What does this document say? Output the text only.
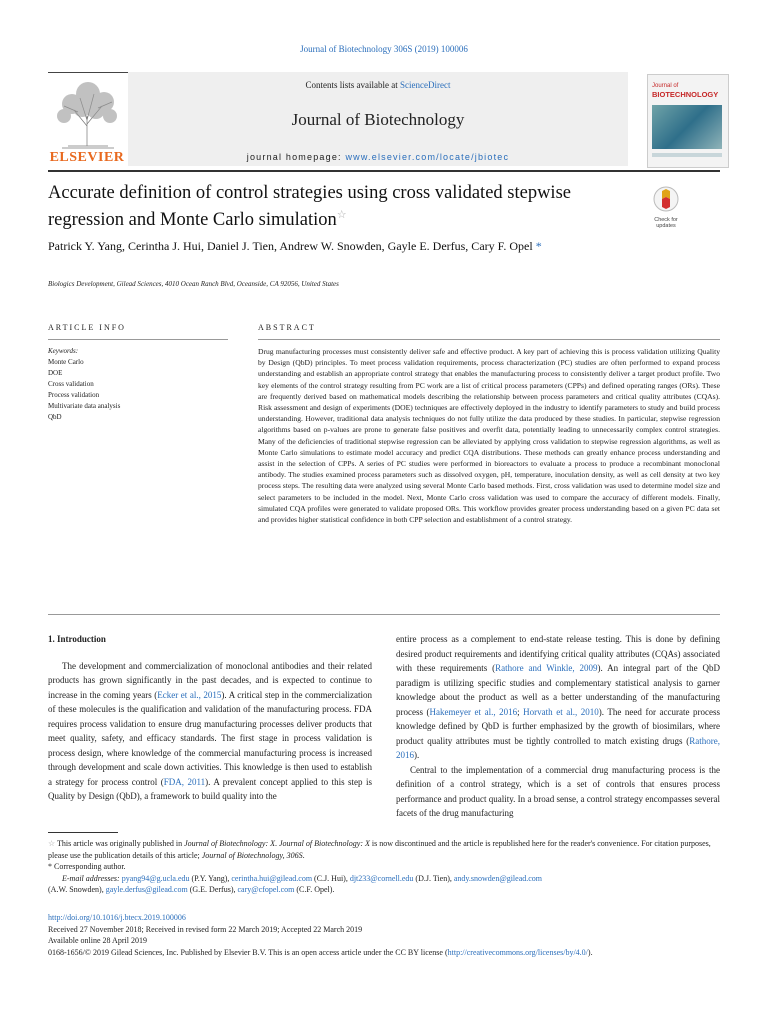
Journal of Biotechnology 306S (2019) 100006
ELSEVIER
Contents lists available at ScienceDirect
Journal of Biotechnology
journal homepage: www.elsevier.com/locate/jbiotec
Journal of
BIOTECHNOLOGY
Accurate definition of control strategies using cross validated stepwise regression and Monte Carlo simulation☆	Check for updates
Patrick Y. Yang, Cerintha J. Hui, Daniel J. Tien, Andrew W. Snowden, Gayle E. Derfus, Cary F. Opel *
Biologics Development, Gilead Sciences, 4010 Ocean Ranch Blvd, Oceanside, CA 92056, United States
ARTICLE INFO	ABSTRACT
Keywords:
Monte Carlo
DOE
Cross validation
Process validation
Multivariate data analysis
QbD
Drug manufacturing processes must consistently deliver safe and effective product. A key part of achieving this is process validation utilizing Quality by Design (QbD) principles. To meet process validation requirements, process characterization (PC) studies are often performed to expand process understanding and establish an appropriate control strategy that enables the manufacturing process to consistently deliver a target product profile. Two key elements of the control strategy resulting from PC work are a list of critical process parameters (CPPs) and defined operating ranges (ORs). These are frequently derived based on mathematical models describing the relationship between process parameters and critical quality attributes (CQAs). Risk assessment and design of experiments (DOE) techniques are effectively deployed in the industry to identify parameters to study and build process understanding. However, traditional data analysis techniques do not fully utilize the data produced by these studies. In particular, stepwise regression algorithms based on p-values are prone to generate false positives and overfit data, potentially leading to unnecessarily complex control strategies. Many of the deficiencies of traditional stepwise regression can be alleviated by applying cross validation to stepwise regression algorithms, as well as Monte Carlo simulations to estimate model accuracy and predict CQA distributions. These methods can greatly enhance process understanding and assist in the selection of CPPs. A series of PC studies were performed in bioreactors to evaluate a process to produce a recombinant monoclonal antibody. The studies examined process parameters such as dissolved oxygen, pH, temperature, inoculation density, as well as cell density at two key process steps. The resulting data were analyzed using several Monte Carlo based methods. First, cross validation was used to determine model size and select parameters to be included in the model. Next, Monte Carlo cross validation was used to compare the accuracy of different models. Finally, simulated CQA profiles were generated to validate proposed ORs. This workflow provides greater process understanding based on a given PC data set and provides higher statistical confidence in both CPP selection and establishment of a control strategy.

1. Introduction

The development and commercialization of monoclonal antibodies and their related products has grown significantly in the past decades, and is expected to continue to increase in the coming years (Ecker et al., 2015). A critical step in the commercialization of these molecules is the qualification and validation of the manufacturing process. FDA requires process validation to ensure drug manufacturing processes deliver products that meet quality, safety, and efficacy standards. The first stage in process validation is process design, where knowledge of the commercial manufacturing process is increased through development and scale down activities. This knowledge is then used to establish a strategy for process control (FDA, 2011). A prevalent concept applied to this step is Quality by Design (QbD), a framework to build quality into the

entire process as a complement to end-state release testing. This is done by defining desired product requirements and identifying critical quality attributes (CQAs) associated with these requirements (Rathore and Winkle, 2009). An integral part of the QbD paradigm is utilizing specific studies and complementary statistical analysis to garner knowledge about the product as well as a better understanding of the manufacturing process (Hakemeyer et al., 2016; Horvath et al., 2010). The need for accurate process knowledge defined by QbD is further emphasized by the growth of biosimilars, where product quality attributes must be tightly controlled to match existing drugs (Rathore, 2016).

Central to the implementation of a commercial drug manufacturing process is the definition of a control strategy, which is a set of controls that ensures process performance and product quality. In a broad sense, a control strategy encompasses several facets of the drug manufacturing

☆ This article was originally published in Journal of Biotechnology: X. Journal of Biotechnology: X is now discontinued and the article is republished here for the reader's convenience. For citation purposes, please use the publication details of this article; Journal of Biotechnology, 306S.
* Corresponding author.
E-mail addresses: pyang94@g.ucla.edu (P.Y. Yang), cerintha.hui@gilead.com (C.J. Hui), djt233@cornell.edu (D.J. Tien), andy.snowden@gilead.com
(A.W. Snowden), gayle.derfus@gilead.com (G.E. Derfus), cary@cfopel.com (C.F. Opel).
http://doi.org/10.1016/j.btecx.2019.100006
Received 27 November 2018; Received in revised form 22 March 2019; Accepted 22 March 2019
Available online 28 April 2019
0168-1656/© 2019 Gilead Sciences, Inc. Published by Elsevier B.V. This is an open access article under the CC BY license (http://creativecommons.org/licenses/by/4.0/).
